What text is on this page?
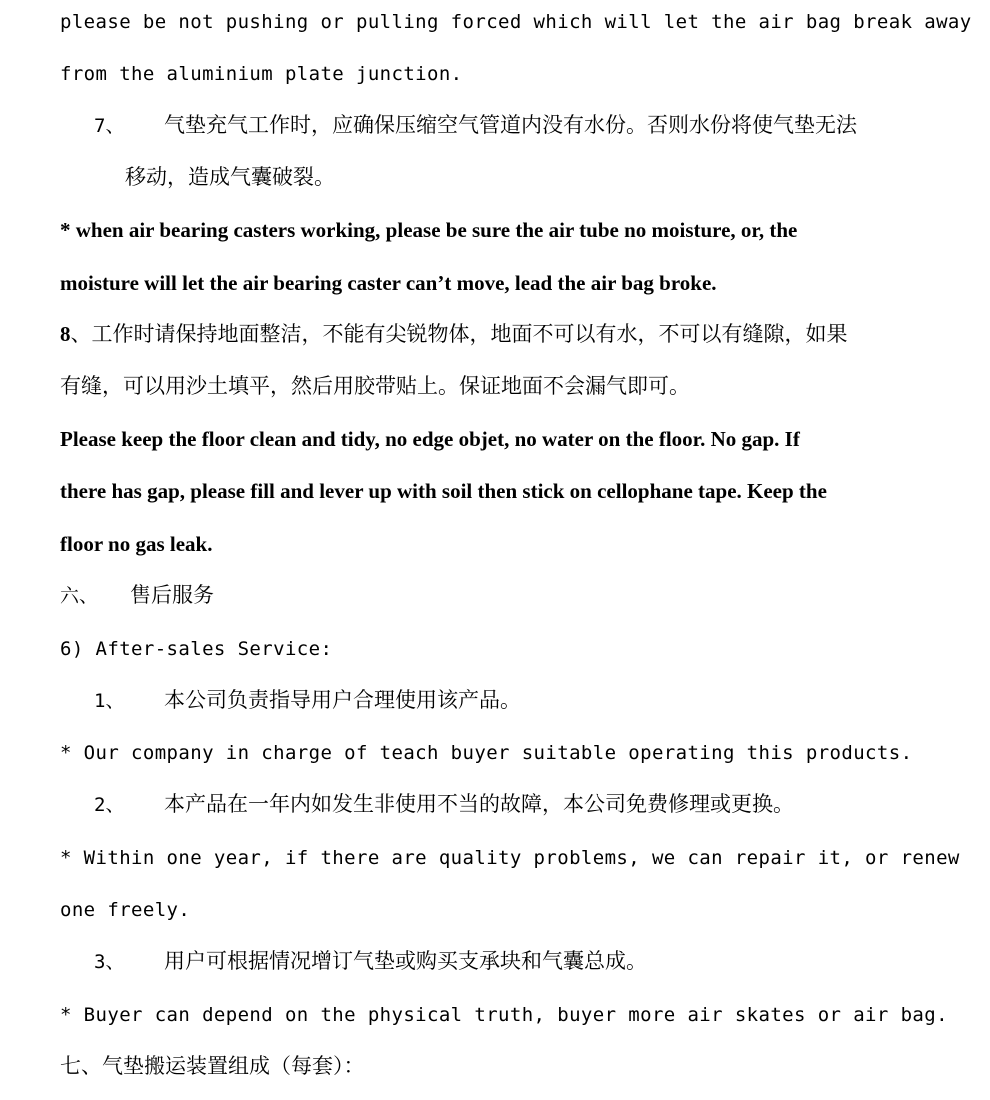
please be not pushing or pulling forced which will let the air bag break away
from the aluminium plate junction.
7、 气垫充气工作时，应确保压缩空气管道内没有水份。否则水份将使气垫无法
移动，造成气囊破裂。
* when air bearing casters working, please be sure the air tube no moisture, or, the
moisture will let the air bearing caster can’t move, lead the air bag broke.
8、工作时请保持地面整洁，不能有尖锐物体，地面不可以有水，不可以有缝隙，如果
有缝，可以用沙土填平，然后用胶带贴上。保证地面不会漏气即可。
Please keep the floor clean and tidy, no edge objet, no water on the floor. No gap. If
there has gap, please fill and lever up with soil then stick on cellophane tape. Keep the
floor no gas leak.
六、 售后服务
6) After-sales Service:
1、 本公司负责指导用户合理使用该产品。
* Our company in charge of teach buyer suitable operating this products.
2、 本产品在一年内如发生非使用不当的故障，本公司免费修理或更换。
* Within one year, if there are quality problems, we can repair it, or renew
one freely.
3、 用户可根据情况增订气垫或购买支承块和气囊总成。
* Buyer can depend on the physical truth, buyer more air skates or air bag.
七、气垫搬运装置组成（每套）：
